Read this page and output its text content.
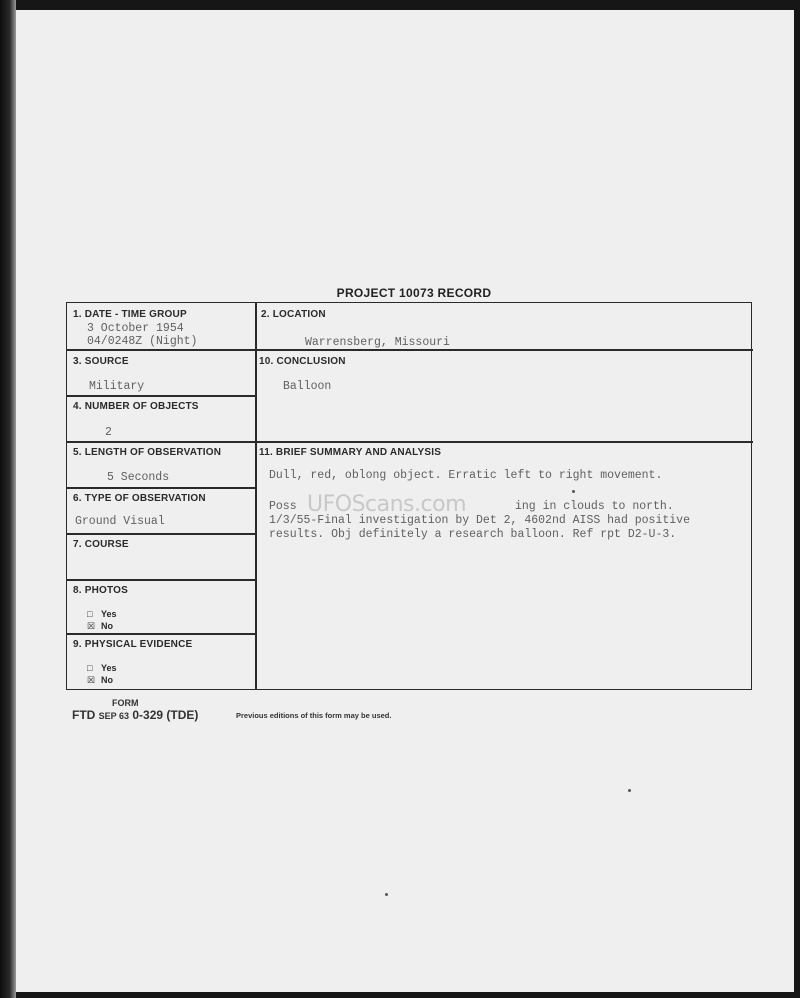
PROJECT 10073 RECORD
1. DATE - TIME GROUP
3 October 1954
04/0248Z (Night)
2. LOCATION
Warrensberg, Missouri
3. SOURCE
Military
10. CONCLUSION
Balloon
4. NUMBER OF OBJECTS
2
5. LENGTH OF OBSERVATION
5 Seconds
11. BRIEF SUMMARY AND ANALYSIS
Dull, red, oblong object. Erratic left to right movement.
Poss	ing in clouds to north.
1/3/55-Final investigation by Det 2, 4602nd AISS had positive
results. Obj definitely a research balloon. Ref rpt D2-U-3.
6. TYPE OF OBSERVATION
Ground Visual
7. COURSE
8. PHOTOS
□ Yes
☒ No
9. PHYSICAL EVIDENCE
□ Yes
☒ No
UFOScans.com
FORM
FTD SEP 63 0-329 (TDE)	Previous editions of this form may be used.
